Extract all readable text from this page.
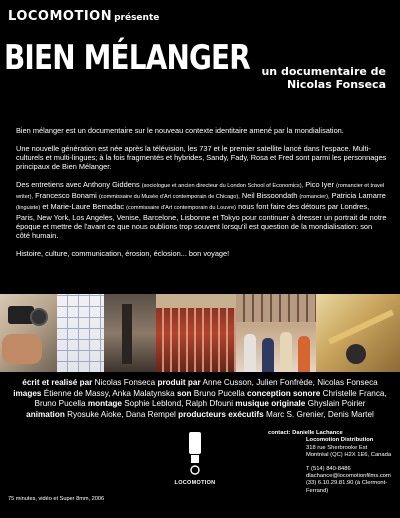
LOCOMOTION présente
BIEN MÉLANGER un documentaire de
Nicolas Fonseca

Bien mélanger est un documentaire sur le nouveau contexte identitaire amené par la mondialisation.

Une nouvelle génération est née après la télévision, les 737 et le premier satellite lancé dans l'espace. Multi-culturels et multi-lingues; à la fois fragmentés et hybrides, Sandy, Fady, Rosa et Fred sont parmi les personnages principaux de Bien Mélanger.

Des entretiens avec Anthony Giddens (sociologue et ancien directeur du London School of Economics), Pico Iyer (romancier et travel writer), Francesco Bonami (commissaire du Musée d'Art contemporain de Chicago), Neil Bissoondath (romancier), Patricia Lamarre (linguiste) et Marie-Laure Bernadac (commissaire d'Art contemporain du Louvre) nous font faire des détours par Londres, Paris, New York, Los Angeles, Venise, Barcelone, Lisbonne et Tokyo pour continuer à dresser un portrait de notre époque et mettre de l'avant ce que nous oublions trop souvent lorsqu'il est question de la mondialisation: son côté humain.

Histoire, culture, communication, érosion, éclosion... bon voyage!

écrit et realisé par Nicolas Fonseca produit par Anne Cusson, Julien Fonfrède, Nicolas Fonseca
images Étienne de Massy, Anka Malatynska son Bruno Pucella conception sonore Christelle Franca,
Bruno Pucella montage Sophie Leblond, Ralph Dfouni musique originale Ghyslain Poirier
animation Ryosuke Aioke, Dana Rempel producteurs exécutifs Marc S. Grenier, Denis Martel
LOCOMOTION
contact: Danielle Lachance
Locomotion Distribution
318 rue Sherbrooke Est
Montréal (QC) H2X 1E6, Canada
T (514) 840-8486
dlachance@locomotionfilms.com
(33) 6.10.29.81.90 (à Clermont-Ferrand)
75 minutes, vidéo et Super 8mm, 2006
